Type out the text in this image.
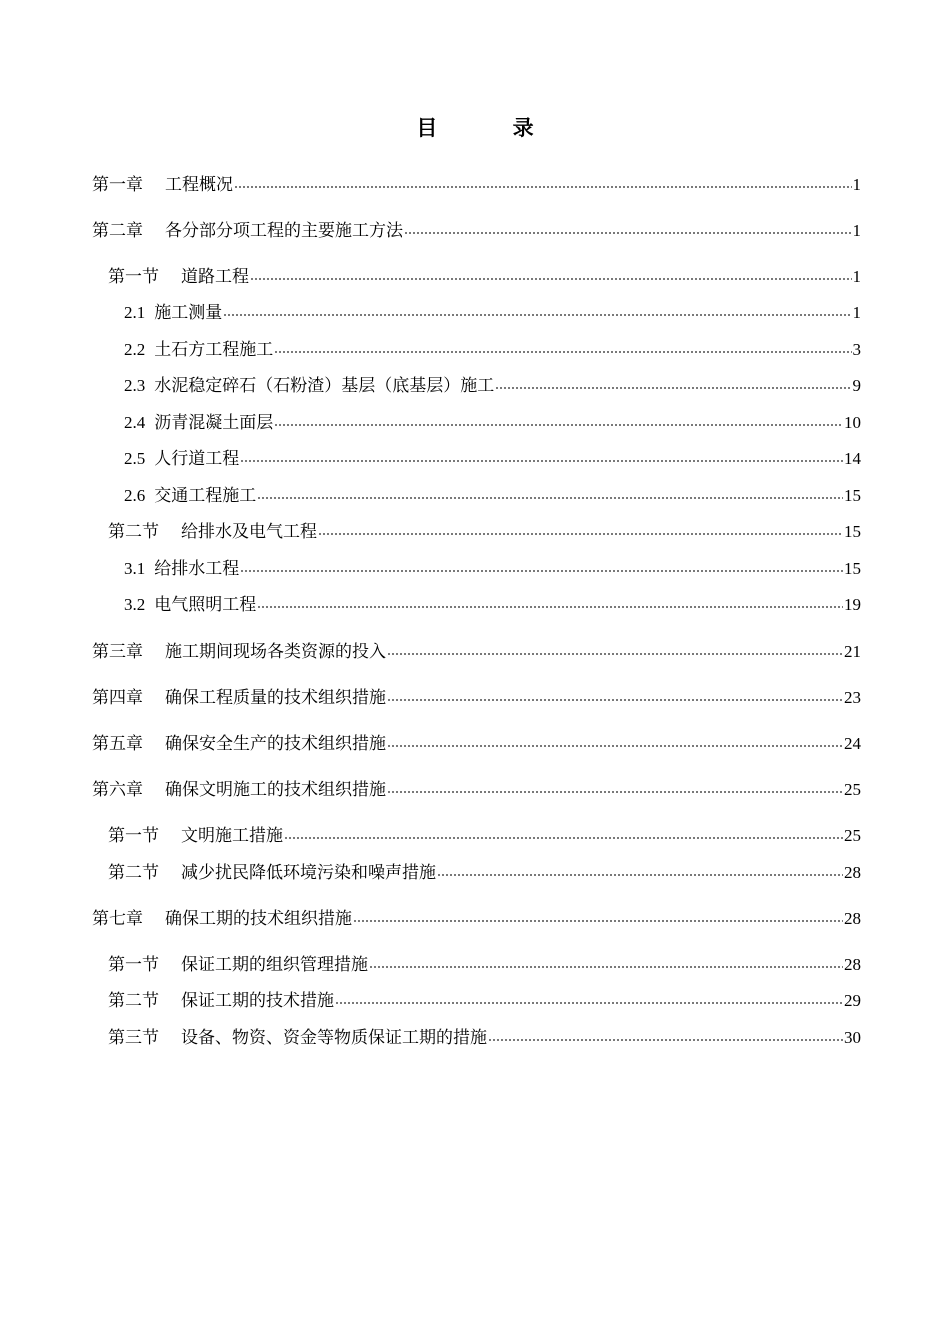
目 录
第一章 工程概况	1
第二章 各分部分项工程的主要施工方法	1
第一节 道路工程	1
2.1 施工测量	1
2.2 土石方工程施工	3
2.3 水泥稳定碎石（石粉渣）基层（底基层）施工	9
2.4 沥青混凝土面层	10
2.5 人行道工程	14
2.6 交通工程施工	15
第二节 给排水及电气工程	15
3.1 给排水工程	15
3.2 电气照明工程	19
第三章 施工期间现场各类资源的投入	21
第四章 确保工程质量的技术组织措施	23
第五章 确保安全生产的技术组织措施	24
第六章 确保文明施工的技术组织措施	25
第一节 文明施工措施	25
第二节 减少扰民降低环境污染和噪声措施	28
第七章 确保工期的技术组织措施	28
第一节 保证工期的组织管理措施	28
第二节 保证工期的技术措施	29
第三节 设备、物资、资金等物质保证工期的措施	30
